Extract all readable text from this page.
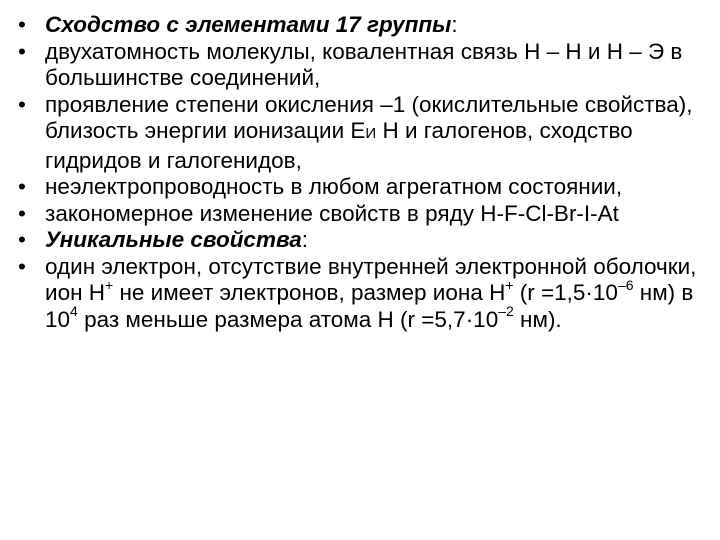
• Сходство с элементами 17 группы:
• двухатомность молекулы, ковалентная связь Н – Н и Н – Э в большинстве соединений,
• проявление степени окисления –1 (окислительные свойства), близость энергии ионизации ЕИ Н и галогенов, сходство гидридов и галогенидов,
• неэлектропроводность в любом агрегатном состоянии,
• закономерное изменение свойств в ряду H-F-Cl-Br-I-At
• Уникальные свойства:
• один электрон, отсутствие внутренней электронной оболочки, ион Н+ не имеет электронов, размер иона Н+ ($r =1,5\cdot 10^{-6}$ нм) в $10^4$ раз меньше размера атома Н ($r =5,7\cdot 10^{-2}$ нм).
